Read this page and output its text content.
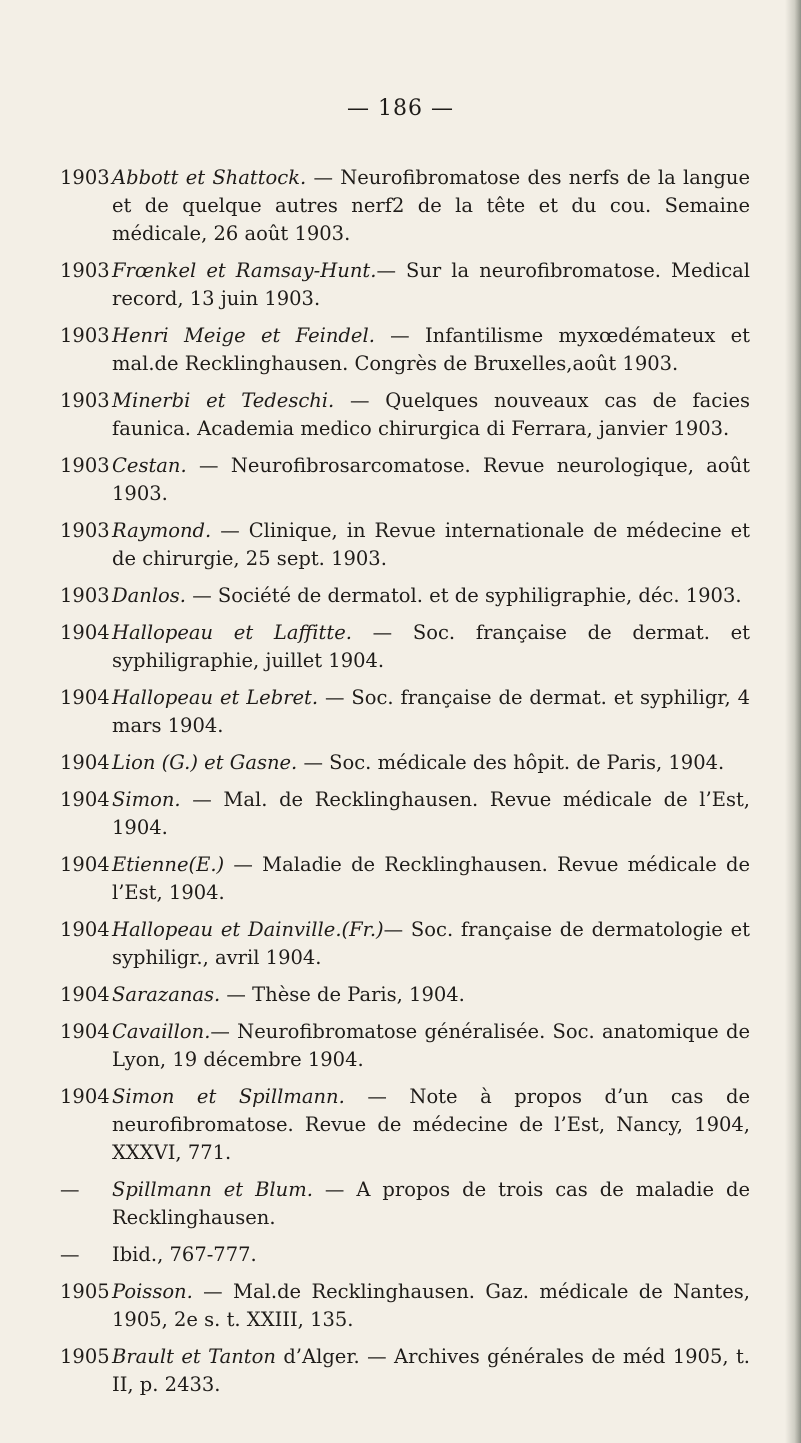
— 186 —
1903 Abbott et Shattock. — Neurofibromatose des nerfs de la langue et de quelque autres nerf2 de la tête et du cou. Semaine médicale, 26 août 1903.
1903 Frœnkel et Ramsay-Hunt.— Sur la neurofibromatose. Medical record, 13 juin 1903.
1903 Henri Meige et Feindel. — Infantilisme myxœdémateux et mal.de Recklinghausen. Congrès de Bruxelles,août 1903.
1903 Minerbi et Tedeschi. — Quelques nouveaux cas de facies faunica. Academia medico chirurgica di Ferrara, janvier 1903.
1903 Cestan. — Neurofibrosarcomatose. Revue neurologique, août 1903.
1903 Raymond. — Clinique, in Revue internationale de médecine et de chirurgie, 25 sept. 1903.
1903 Danlos. — Société de dermatol. et de syphiligraphie, déc. 1903.
1904 Hallopeau et Laffitte. — Soc. française de dermat. et syphiligraphie, juillet 1904.
1904 Hallopeau et Lebret. — Soc. française de dermat. et syphiligr, 4 mars 1904.
1904 Lion (G.) et Gasne. — Soc. médicale des hôpit. de Paris, 1904.
1904 Simon. — Mal. de Recklinghausen. Revue médicale de l’Est, 1904.
1904 Etienne(E.) — Maladie de Recklinghausen. Revue médicale de l’Est, 1904.
1904 Hallopeau et Dainville.(Fr.)— Soc. française de dermatologie et syphiligr., avril 1904.
1904 Sarazanas. — Thèse de Paris, 1904.
1904 Cavaillon.— Neurofibromatose généralisée. Soc. anatomique de Lyon, 19 décembre 1904.
1904 Simon et Spillmann. — Note à propos d’un cas de neurofibromatose. Revue de médecine de l’Est, Nancy, 1904, XXXVI, 771.
— Spillmann et Blum. — A propos de trois cas de maladie de Recklinghausen.
— Ibid., 767-777.
1905 Poisson. — Mal.de Recklinghausen. Gaz. médicale de Nantes, 1905, 2e s. t. XXIII, 135.
1905 Brault et Tanton d’Alger. — Archives générales de méd 1905, t. II, p. 2433.
